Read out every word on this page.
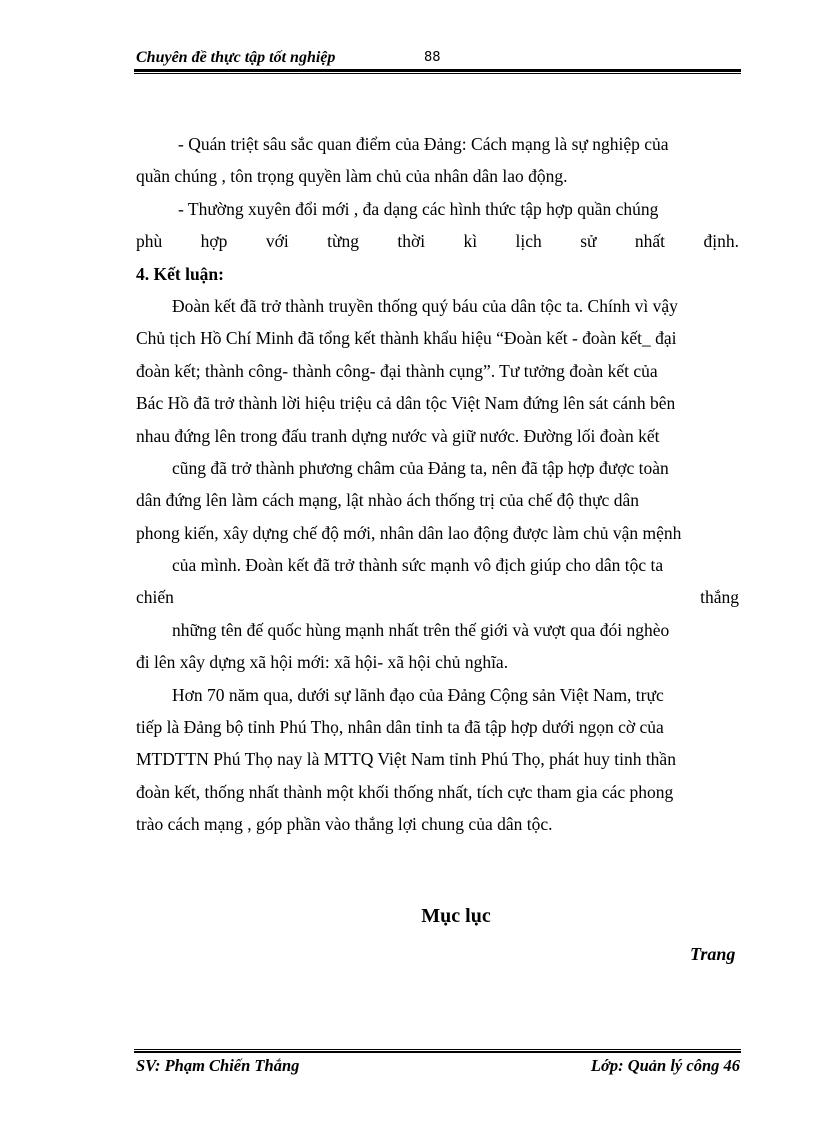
Chuyên đề thực tập tốt nghiệp	88
- Quán triệt sâu sắc quan điểm của Đảng: Cách mạng là sự nghiệp của
quần chúng , tôn trọng quyền làm chủ của nhân dân lao động.
- Thường xuyên đổi mới , đa dạng các hình thức tập hợp quần chúng
phù hợp với từng thời kì lịch sử nhất định.
4. Kết luận:
Đoàn kết đã trở thành truyền thống quý báu của dân tộc ta. Chính vì vậy
Chủ tịch Hồ Chí Minh đã tổng kết thành khẩu hiệu “Đoàn kết - đoàn kết_ đại
đoàn kết; thành công- thành công- đại thành cụng”. Tư tưởng đoàn kết của
Bác Hồ đã trở thành lời hiệu triệu cả dân tộc Việt Nam đứng lên sát cánh bên
nhau đứng lên trong đấu tranh dựng nước và giữ nước. Đường lối đoàn kết
cũng đã trở thành phương châm của Đảng ta, nên đã tập hợp được toàn
dân đứng lên làm cách mạng, lật nhào ách thống trị của chế độ thực dân
phong kiến, xây dựng chế độ mới, nhân dân lao động được làm chủ vận mệnh
của mình. Đoàn kết đã trở thành sức mạnh vô địch giúp cho dân tộc ta
chiến	thắng
những tên đế quốc hùng mạnh nhất trên thế giới và vượt qua đói nghèo
đi lên xây dựng xã hội mới: xã hội- xã hội chủ nghĩa.
Hơn 70 năm qua, dưới sự lãnh đạo của Đảng Cộng sản Việt Nam, trực
tiếp là Đảng bộ tỉnh Phú Thọ, nhân dân tỉnh ta đã tập hợp dưới ngọn cờ của
MTDTTN Phú Thọ nay là MTTQ Việt Nam tỉnh Phú Thọ, phát huy tinh thần
đoàn kết, thống nhất thành một khối thống nhất, tích cực tham gia các phong
trào cách mạng , góp phần vào thắng lợi chung của dân tộc.
Mục lục
Trang
SV: Phạm Chiến Thắng	Lớp: Quản lý công 46
